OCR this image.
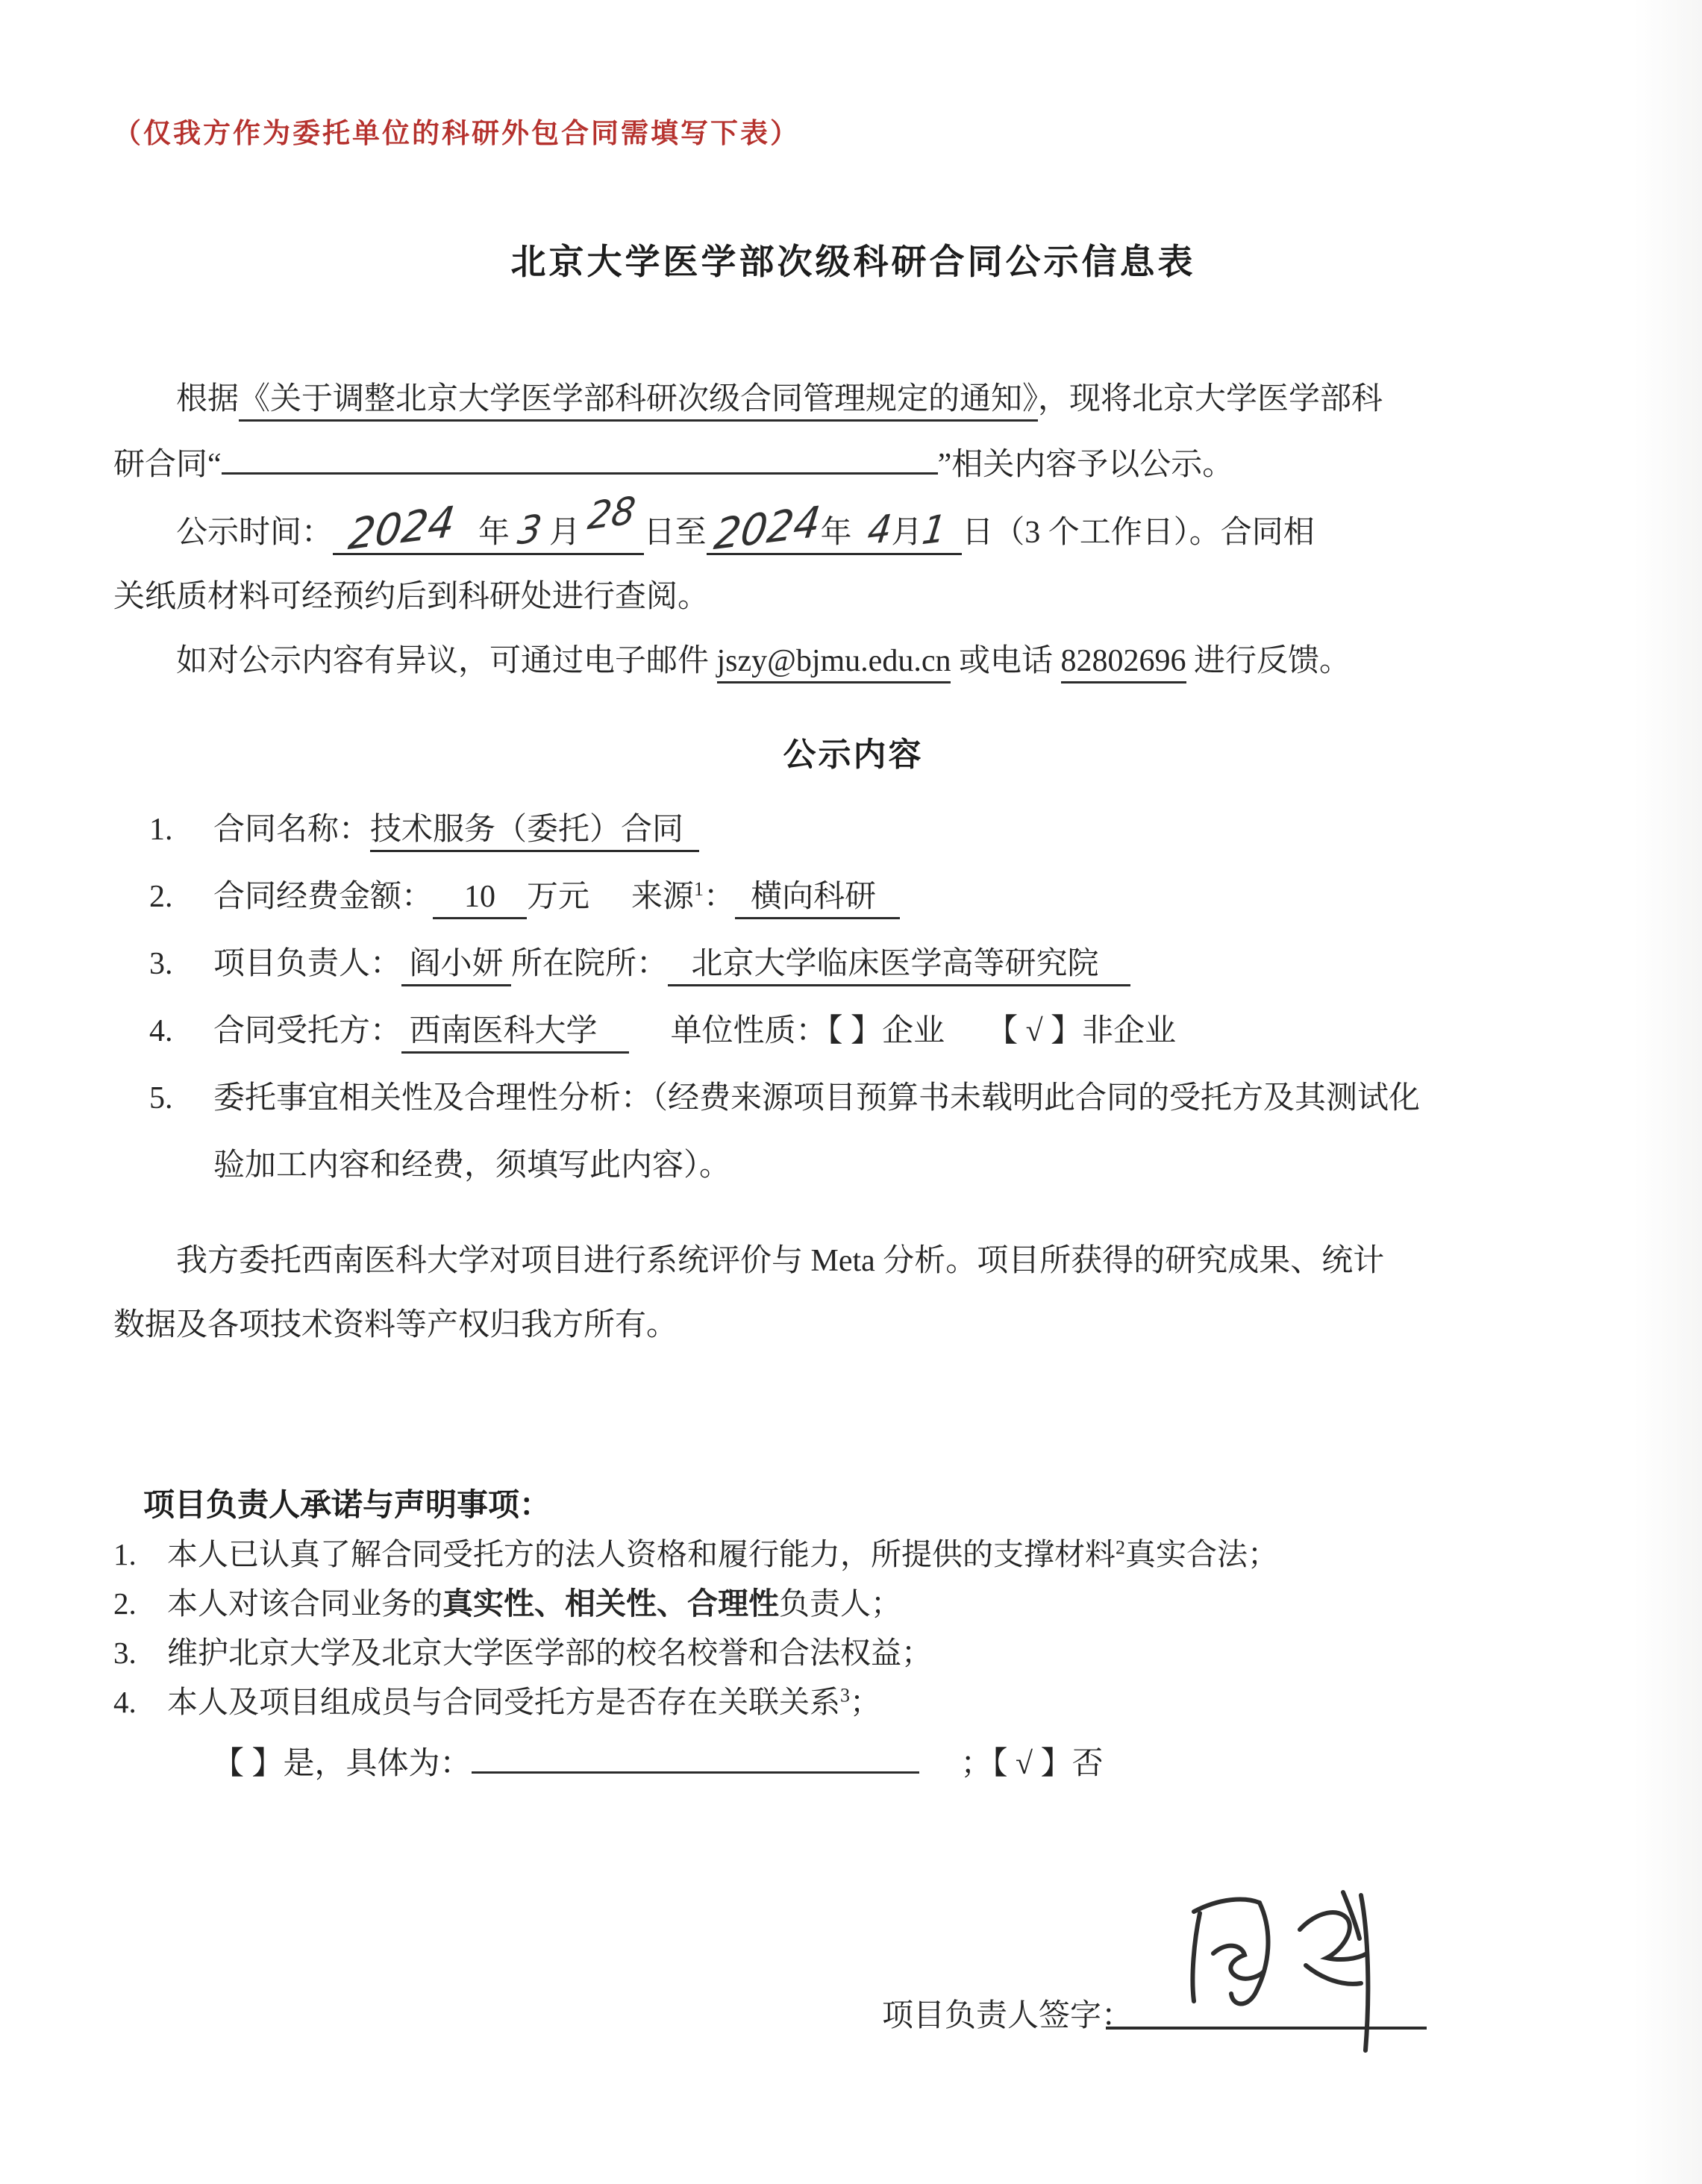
（仅我方作为委托单位的科研外包合同需填写下表）
北京大学医学部次级科研合同公示信息表
根据《关于调整北京大学医学部科研次级合同管理规定的通知》，现将北京大学医学部科
研合同“	”相关内容予以公示。
公示时间： 2024 年 3 月 28 日至 2024年 4月1 日（3 个工作日）。合同相
关纸质材料可经预约后到科研处进行查阅。
如对公示内容有异议，可通过电子邮件 jszy@bjmu.edu.cn 或电话 82802696 进行反馈。
公示内容
1. 合同名称：技术服务（委托）合同
2. 合同经费金额： 10 万元 来源$^1$： 横向科研
3. 项目负责人： 阎小妍 所在院所： 北京大学临床医学高等研究院
4. 合同受托方： 西南医科大学 单位性质：【 】企业 【 √ 】非企业
5. 委托事宜相关性及合理性分析：（经费来源项目预算书未载明此合同的受托方及其测试化
验加工内容和经费，须填写此内容）。
我方委托西南医科大学对项目进行系统评价与 Meta 分析。项目所获得的研究成果、统计
数据及各项技术资料等产权归我方所有。
项目负责人承诺与声明事项：
1. 本人已认真了解合同受托方的法人资格和履行能力，所提供的支撑材料$^2$真实合法；
2. 本人对该合同业务的真实性、相关性、合理性负责人；
3. 维护北京大学及北京大学医学部的校名校誉和合法权益；
4. 本人及项目组成员与合同受托方是否存在关联关系$^3$；
【 】是，具体为：	；【 √ 】否
项目负责人签字：
